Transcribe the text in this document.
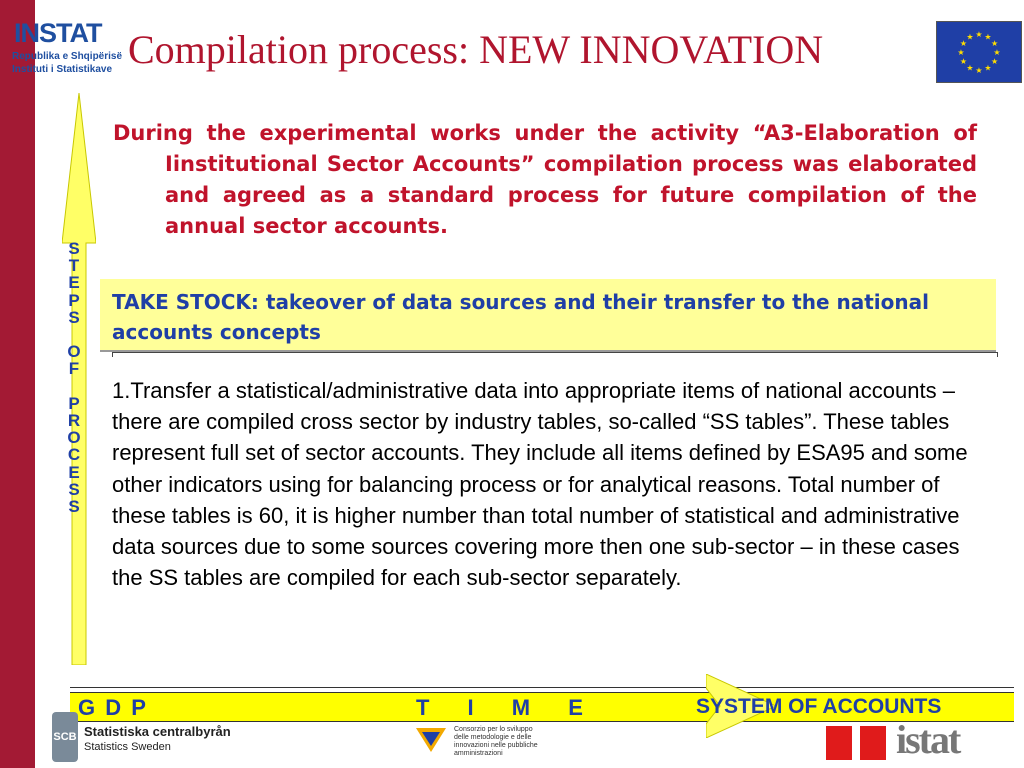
INSTAT
Republika e Shqipërisë
Instituti i Statistikave Compilation process: NEW INNOVATION	★ ★
★
★
★
★
★
★
★
★
★
★
S
T
E
P
S

O
F

P
R
O
C
E
S
S
During the experimental works under the activity “A3-Elaboration of Iinstitutional Sector Accounts” compilation process was elaborated and agreed as a standard process for future compilation of the annual sector accounts.
TAKE STOCK: takeover of data sources and their transfer to the national accounts concepts
1.Transfer a statistical/administrative data into appropriate items of national accounts – there are compiled cross sector by industry tables, so-called “SS tables”. These tables represent full set of sector accounts. They include all items defined by ESA95 and some other indicators using for balancing process or for analytical reasons. Total number of these tables is 60, it is higher number than total number of statistical and administrative data sources due to some sources covering more then one sub-sector – in these cases the SS tables are compiled for each sub-sector separately.
G D P	T I M E	SYSTEM OF ACCOUNTS
SCB Statistiska centralbyrån
Statistics Sweden
Consorzio per lo sviluppo delle metodologie e delle innovazioni nelle pubbliche amministrazioni	istat
